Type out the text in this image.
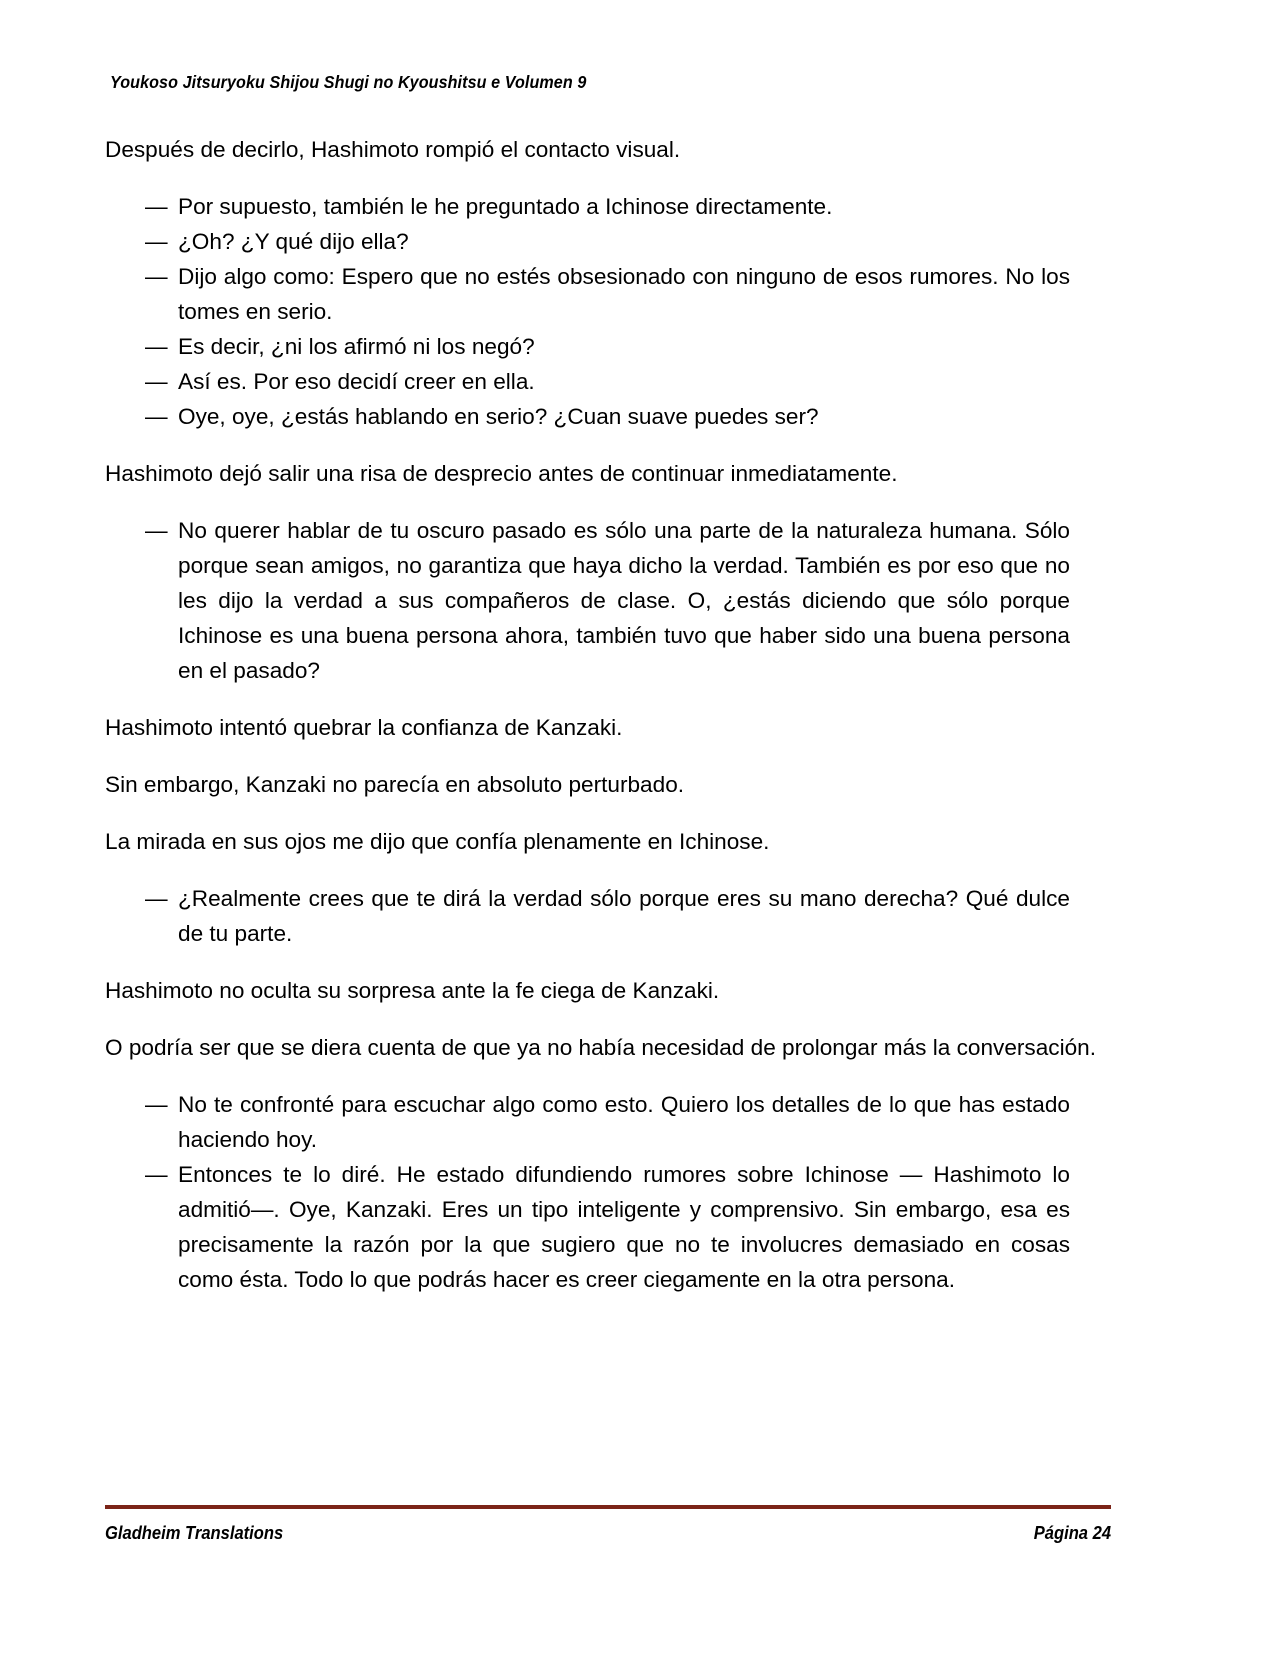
Youkoso Jitsuryoku Shijou Shugi no Kyoushitsu e Volumen 9

Después de decirlo, Hashimoto rompió el contacto visual.

— Por supuesto, también le he preguntado a Ichinose directamente.

— ¿Oh? ¿Y qué dijo ella?

— Dijo algo como: Espero que no estés obsesionado con ninguno de esos rumores. No los tomes en serio.

— Es decir, ¿ni los afirmó ni los negó?

— Así es. Por eso decidí creer en ella.

— Oye, oye, ¿estás hablando en serio? ¿Cuan suave puedes ser?

Hashimoto dejó salir una risa de desprecio antes de continuar inmediatamente.

— No querer hablar de tu oscuro pasado es sólo una parte de la naturaleza humana. Sólo porque sean amigos, no garantiza que haya dicho la verdad. También es por eso que no les dijo la verdad a sus compañeros de clase. O, ¿estás diciendo que sólo porque Ichinose es una buena persona ahora, también tuvo que haber sido una buena persona en el pasado?

Hashimoto intentó quebrar la confianza de Kanzaki.

Sin embargo, Kanzaki no parecía en absoluto perturbado.

La mirada en sus ojos me dijo que confía plenamente en Ichinose.

— ¿Realmente crees que te dirá la verdad sólo porque eres su mano derecha? Qué dulce de tu parte.

Hashimoto no oculta su sorpresa ante la fe ciega de Kanzaki.

O podría ser que se diera cuenta de que ya no había necesidad de prolongar más la conversación.

— No te confronté para escuchar algo como esto. Quiero los detalles de lo que has estado haciendo hoy.

— Entonces te lo diré. He estado difundiendo rumores sobre Ichinose — Hashimoto lo admitió—. Oye, Kanzaki. Eres un tipo inteligente y comprensivo. Sin embargo, esa es precisamente la razón por la que sugiero que no te involucres demasiado en cosas como ésta. Todo lo que podrás hacer es creer ciegamente en la otra persona.

Gladheim Translations	Página 24
